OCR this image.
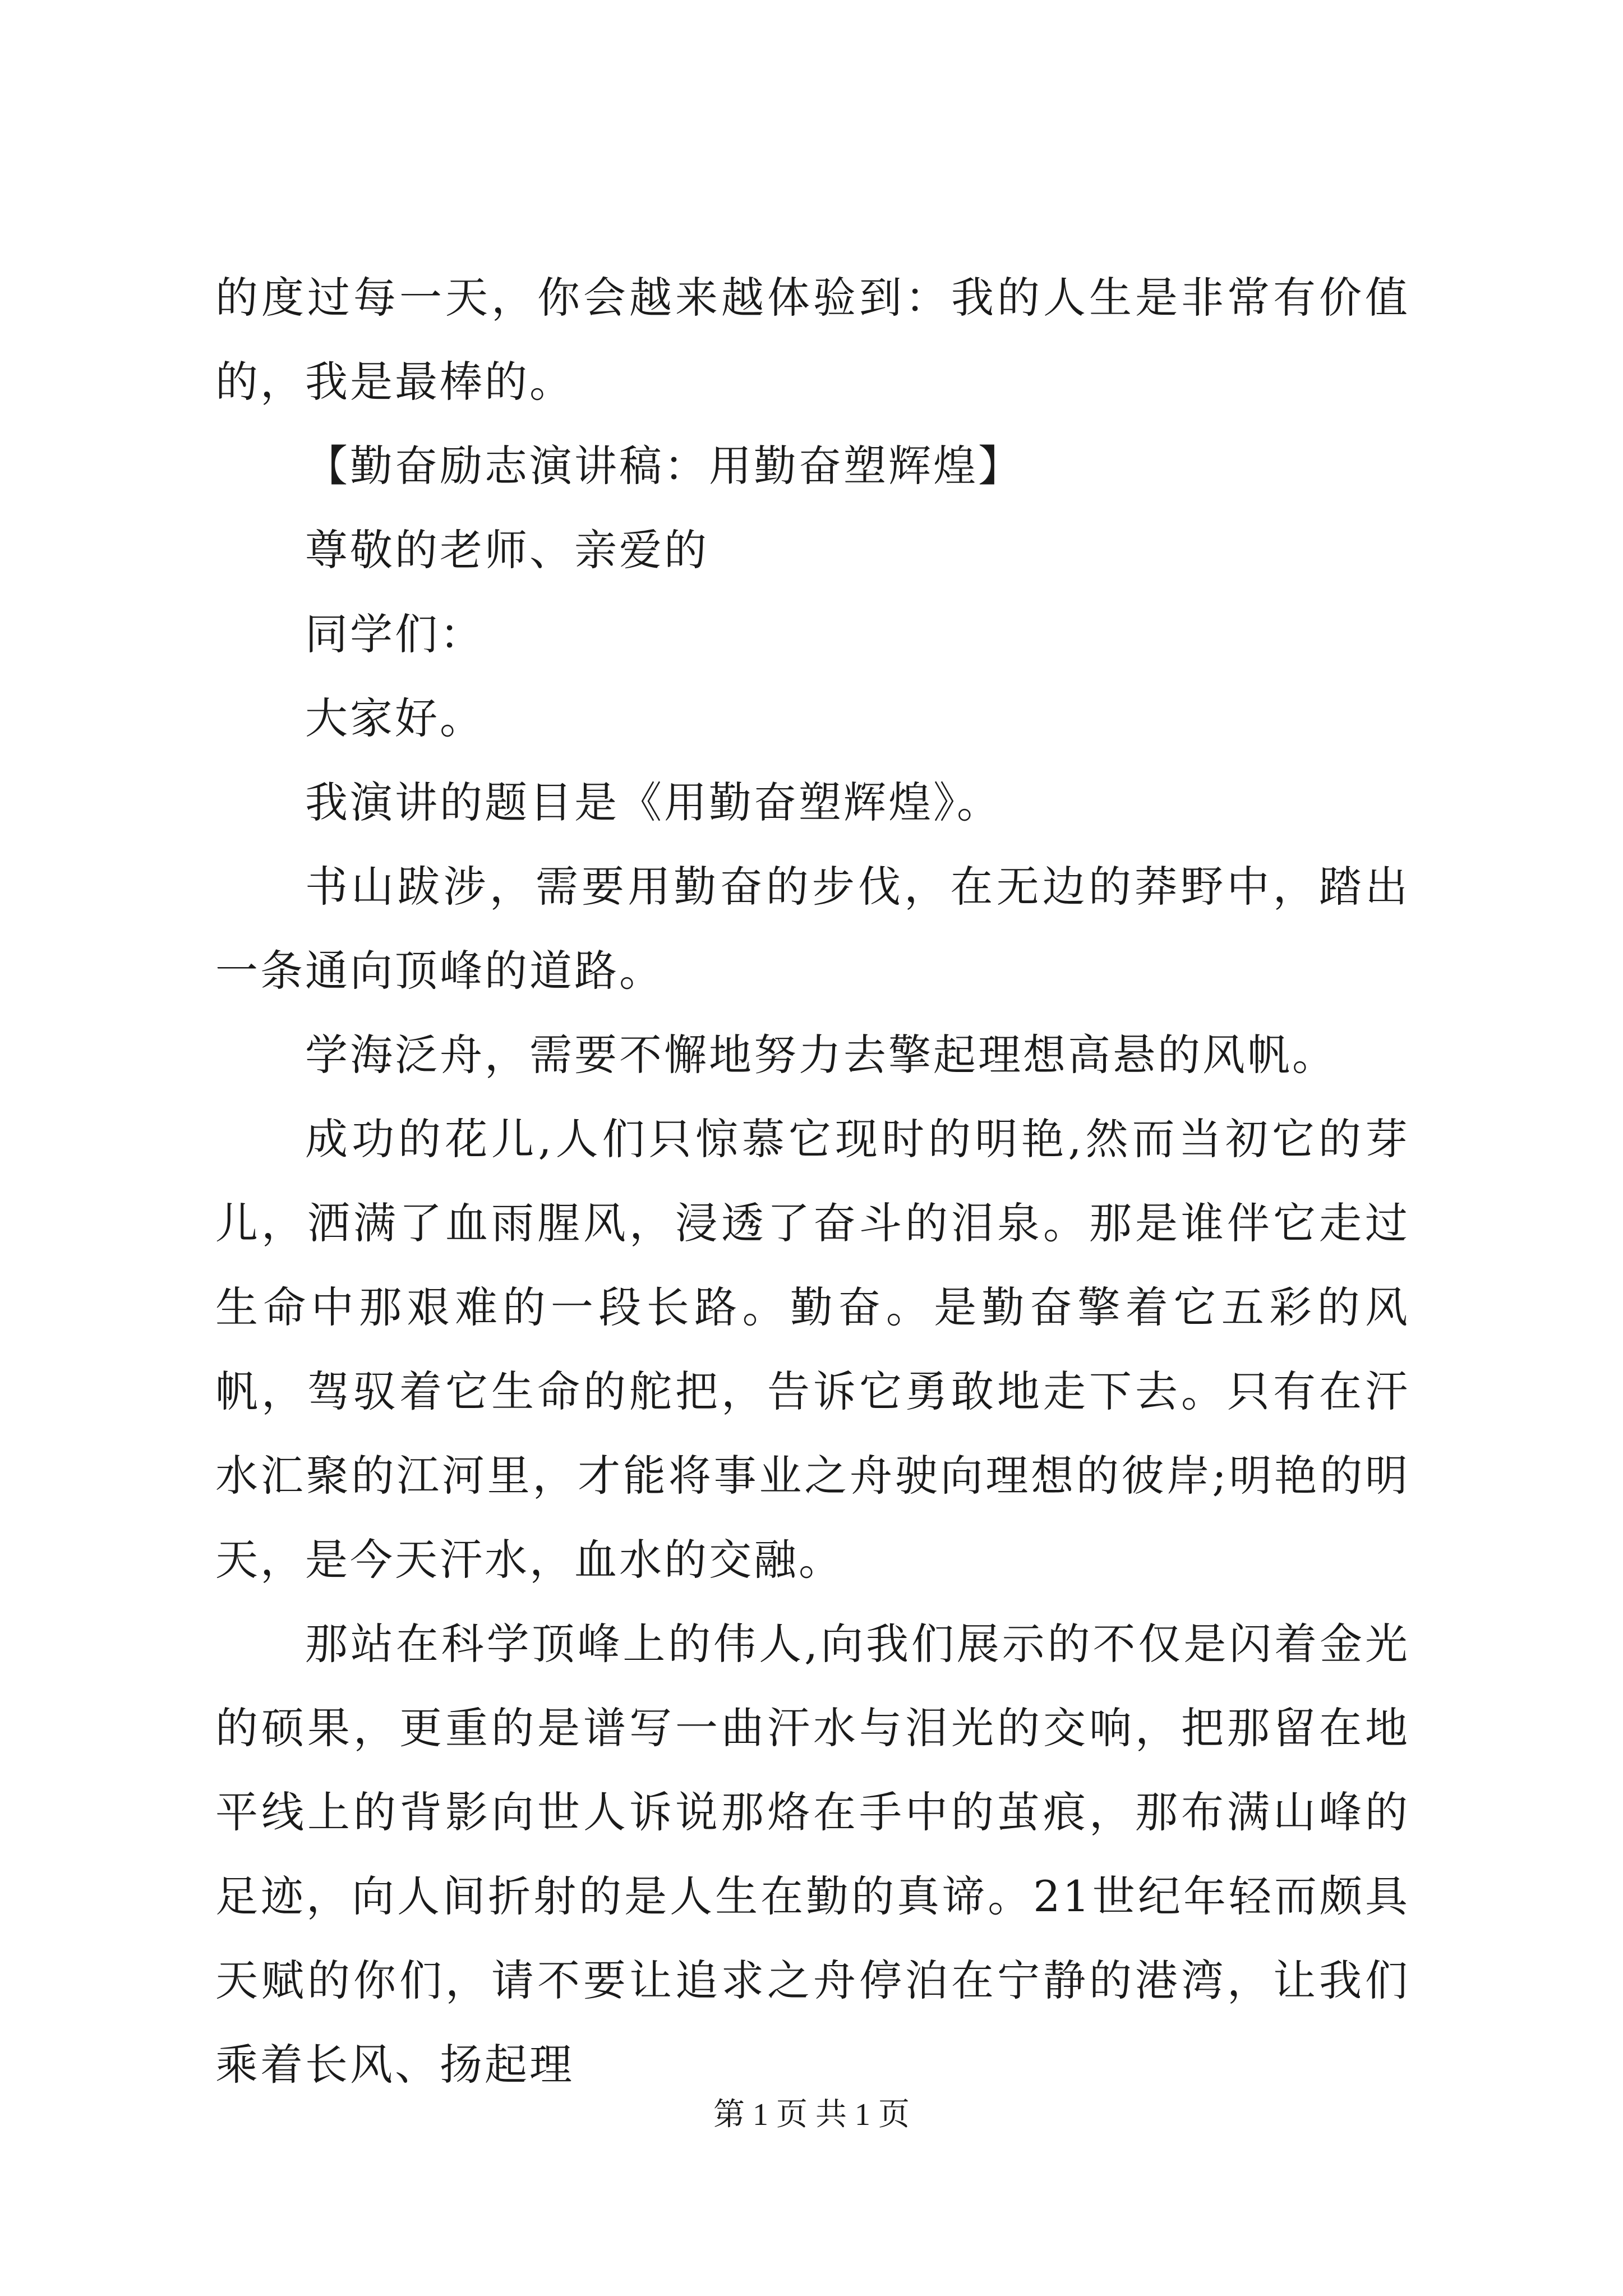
的度过每一天，你会越来越体验到：我的人生是非常有价值的，我是最棒的。

【勤奋励志演讲稿：用勤奋塑辉煌】

尊敬的老师、亲爱的

同学们：

大家好。

我演讲的题目是《用勤奋塑辉煌》。

书山跋涉，需要用勤奋的步伐，在无边的莽野中，踏出一条通向顶峰的道路。

学海泛舟，需要不懈地努力去擎起理想高悬的风帆。

成功的花儿,人们只惊慕它现时的明艳,然而当初它的芽儿，洒满了血雨腥风，浸透了奋斗的泪泉。那是谁伴它走过生命中那艰难的一段长路。勤奋。是勤奋擎着它五彩的风帆，驾驭着它生命的舵把，告诉它勇敢地走下去。只有在汗水汇聚的江河里，才能将事业之舟驶向理想的彼岸;明艳的明天，是今天汗水，血水的交融。

那站在科学顶峰上的伟人,向我们展示的不仅是闪着金光的硕果，更重的是谱写一曲汗水与泪光的交响，把那留在地平线上的背影向世人诉说那烙在手中的茧痕，那布满山峰的足迹，向人间折射的是人生在勤的真谛。21世纪年轻而颇具天赋的你们，请不要让追求之舟停泊在宁静的港湾，让我们乘着长风、扬起理

第 1 页 共 1 页
